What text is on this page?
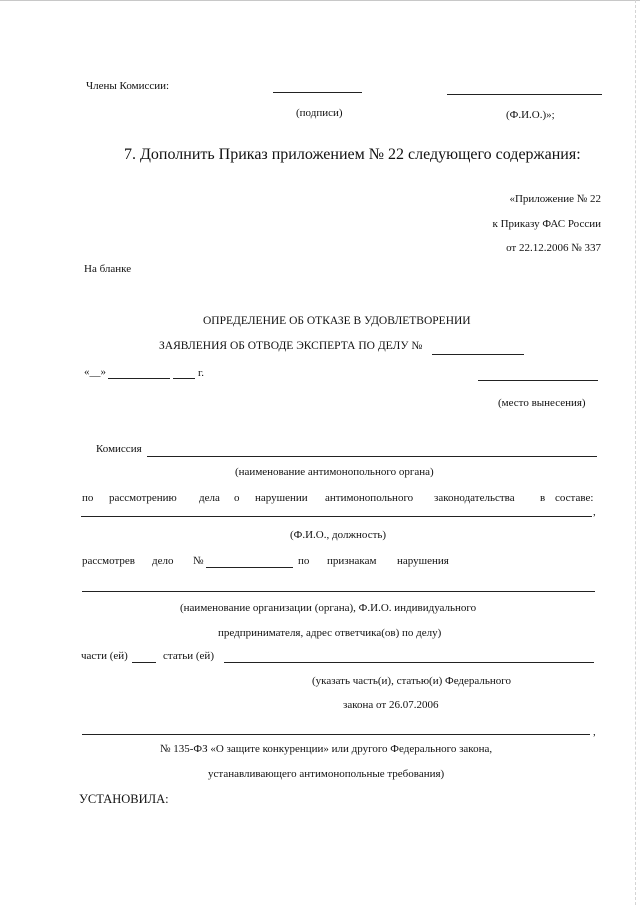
Члены Комиссии:
(подписи)	(Ф.И.О.)»;
7. Дополнить Приказ приложением № 22 следующего содержания:
«Приложение № 22
к Приказу ФАС России
от 22.12.2006 № 337
На бланке
ОПРЕДЕЛЕНИЕ ОБ ОТКАЗЕ В УДОВЛЕТВОРЕНИИ
ЗАЯВЛЕНИЯ ОБ ОТВОДЕ ЭКСПЕРТА ПО ДЕЛУ №
«__»	г.
(место вынесения)
Комиссия
(наименование антимонопольного органа)
по рассмотрению дела о нарушении антимонопольного законодательства в составе:
,
(Ф.И.О., должность)
рассмотрев дело №	по признакам нарушения
(наименование организации (органа), Ф.И.О. индивидуального
предпринимателя, адрес ответчика(ов) по делу)
части (ей)	статьи (ей)
(указать часть(и), статью(и) Федерального
закона от 26.07.2006
,
№ 135-ФЗ «О защите конкуренции» или другого Федерального закона,
устанавливающего антимонопольные требования)
УСТАНОВИЛА:
